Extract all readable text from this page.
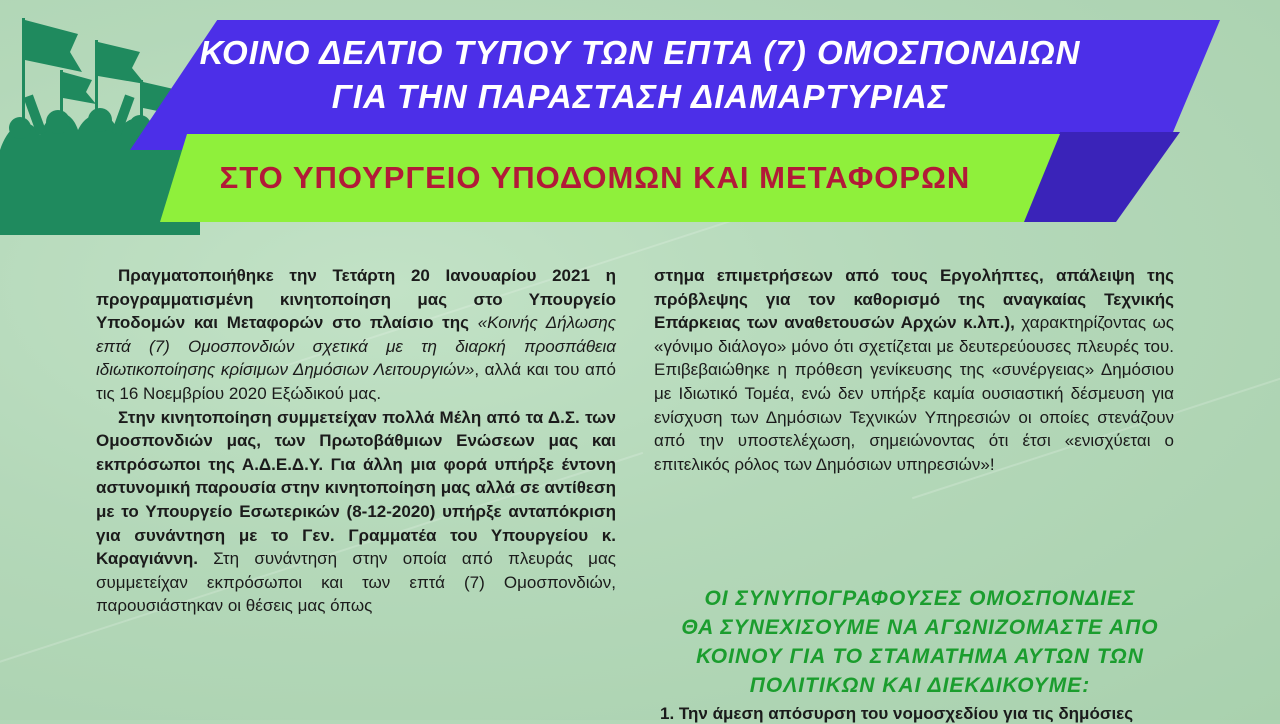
ΚΟΙΝΟ ΔΕΛΤΙΟ ΤΥΠΟΥ ΤΩΝ ΕΠΤΑ (7) ΟΜΟΣΠΟΝΔΙΩΝ
ΓΙΑ ΤΗΝ ΠΑΡΑΣΤΑΣΗ ΔΙΑΜΑΡΤΥΡΙΑΣ
ΣΤΟ ΥΠΟΥΡΓΕΙΟ ΥΠΟΔΟΜΩΝ ΚΑΙ ΜΕΤΑΦΟΡΩΝ

Πραγματοποιήθηκε την Τετάρτη 20 Ιανουαρίου 2021 η προγραμματισμένη κινητοποίηση μας στο Υπουργείο Υποδομών και Μεταφορών στο πλαίσιο της «Κοινής Δήλωσης επτά (7) Ομοσπονδιών σχετικά με τη διαρκή προσπάθεια ιδιωτικοποίησης κρίσιμων Δημόσιων Λειτουργιών», αλλά και του από τις 16 Νοεμβρίου 2020 Εξώδικού μας.

Στην κινητοποίηση συμμετείχαν πολλά Μέλη από τα Δ.Σ. των Ομοσπονδιών μας, των Πρωτοβάθμιων Ενώσεων μας και εκπρόσωποι της Α.Δ.Ε.Δ.Υ. Για άλλη μια φορά υπήρξε έντονη αστυνομική παρουσία στην κινητοποίηση μας αλλά σε αντίθεση με το Υπουργείο Εσωτερικών (8-12-2020) υπήρξε ανταπόκριση για συνάντηση με το Γεν. Γραμματέα του Υπουργείου κ. Καραγιάννη. Στη συνάντηση στην οποία από πλευράς μας συμμετείχαν εκπρόσωποι και των επτά (7) Ομοσπονδιών, παρουσιάστηκαν οι θέσεις μας όπως

στημα επιμετρήσεων από τους Εργολήπτες, απάλειψη της πρόβλεψης για τον καθορισμό της αναγκαίας Τεχνικής Επάρκειας των αναθετουσών Αρχών κ.λπ.), χαρακτηρίζοντας ως «γόνιμο διάλογο» μόνο ότι σχετίζεται με δευτερεύουσες πλευρές του. Επιβεβαιώθηκε η πρόθεση γενίκευσης της «συνέργειας» Δημόσιου με Ιδιωτικό Τομέα, ενώ δεν υπήρξε καμία ουσιαστική δέσμευση για ενίσχυση των Δημόσιων Τεχνικών Υπηρεσιών οι οποίες στενάζουν από την υποστελέχωση, σημειώνοντας ότι έτσι «ενισχύεται ο επιτελικός ρόλος των Δημόσιων υπηρεσιών»!

ΟΙ ΣΥΝΥΠΟΓΡΑΦΟΥΣΕΣ ΟΜΟΣΠΟΝΔΙΕΣ
ΘΑ ΣΥΝΕΧΙΣΟΥΜΕ ΝΑ ΑΓΩΝΙΖΟΜΑΣΤΕ ΑΠΟ
ΚΟΙΝΟΥ ΓΙΑ ΤΟ ΣΤΑΜΑΤΗΜΑ ΑΥΤΩΝ ΤΩΝ
ΠΟΛΙΤΙΚΩΝ ΚΑΙ ΔΙΕΚΔΙΚΟΥΜΕ:
1. Την άμεση απόσυρση του νομοσχεδίου για τις δημόσιες
